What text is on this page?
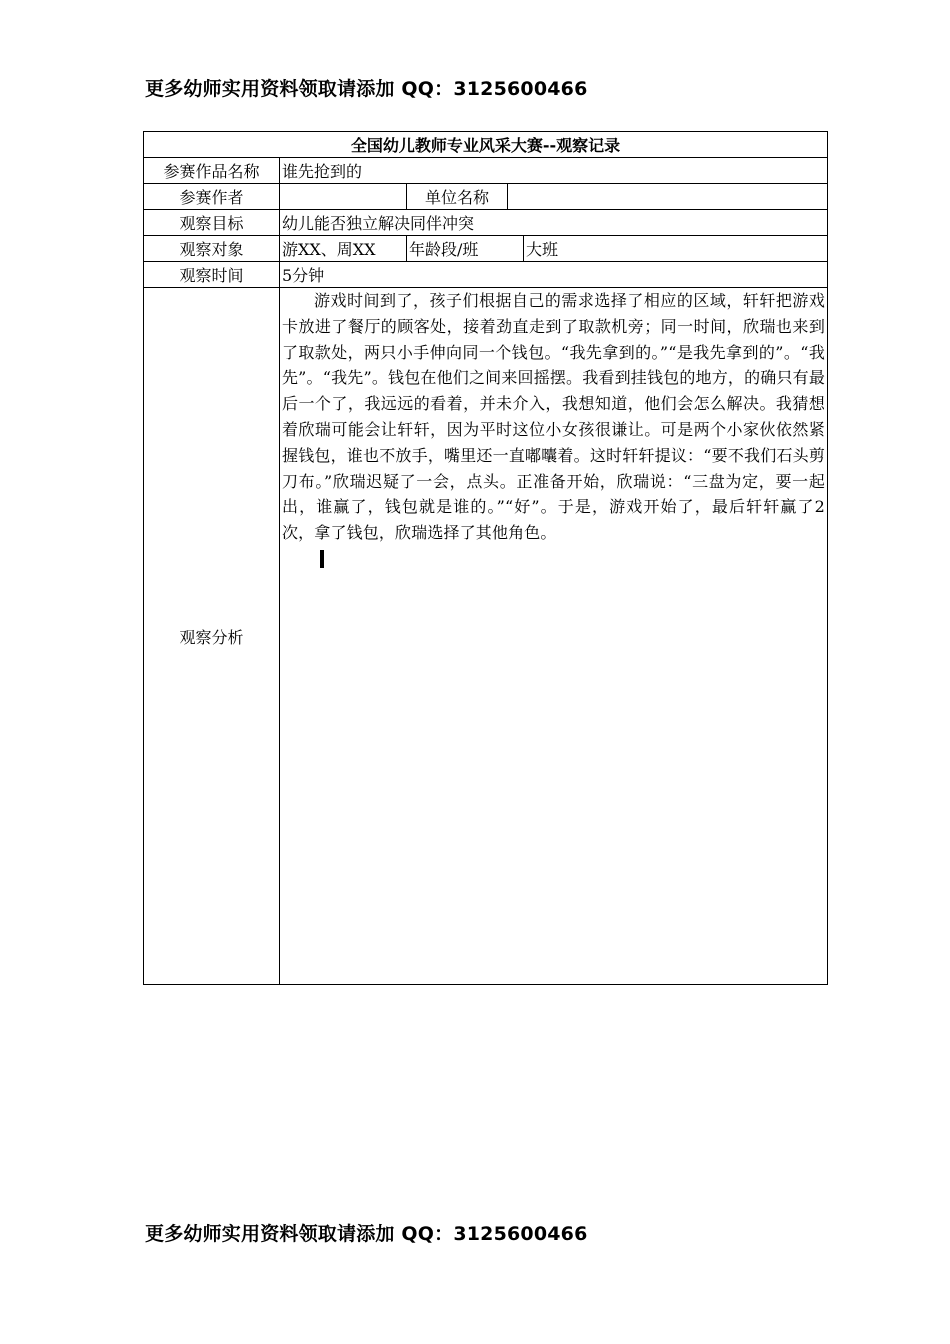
更多幼师实用资料领取请添加 QQ：3125600466
全国幼儿教师专业风采大赛--观察记录				
参赛作品名称	谁先抢到的			
参赛作者		单位名称		
观察目标	幼儿能否独立解决同伴冲突			
观察对象	游XX、周XX	年龄段/班		大班
观察时间	5分钟			
观察分析	游戏时间到了，孩子们根据自己的需求选择了相应的区域，轩轩把游戏卡放进了餐厅的顾客处，接着劲直走到了取款机旁；同一时间，欣瑞也来到了取款处，两只小手伸向同一个钱包。“我先拿到的。”“是我先拿到的”。“我先”。“我先”。钱包在他们之间来回摇摆。我看到挂钱包的地方，的确只有最后一个了，我远远的看着，并未介入，我想知道，他们会怎么解决。我猜想着欣瑞可能会让轩轩，因为平时这位小女孩很谦让。可是两个小家伙依然紧握钱包，谁也不放手，嘴里还一直嘟囔着。这时轩轩提议：“要不我们石头剪刀布。”欣瑞迟疑了一会，点头。正准备开始，欣瑞说：“三盘为定，要一起出，谁赢了，钱包就是谁的。”“好”。于是，游戏开始了，最后轩轩赢了2次，拿了钱包，欣瑞选择了其他角色。			

更多幼师实用资料领取请添加 QQ：3125600466
